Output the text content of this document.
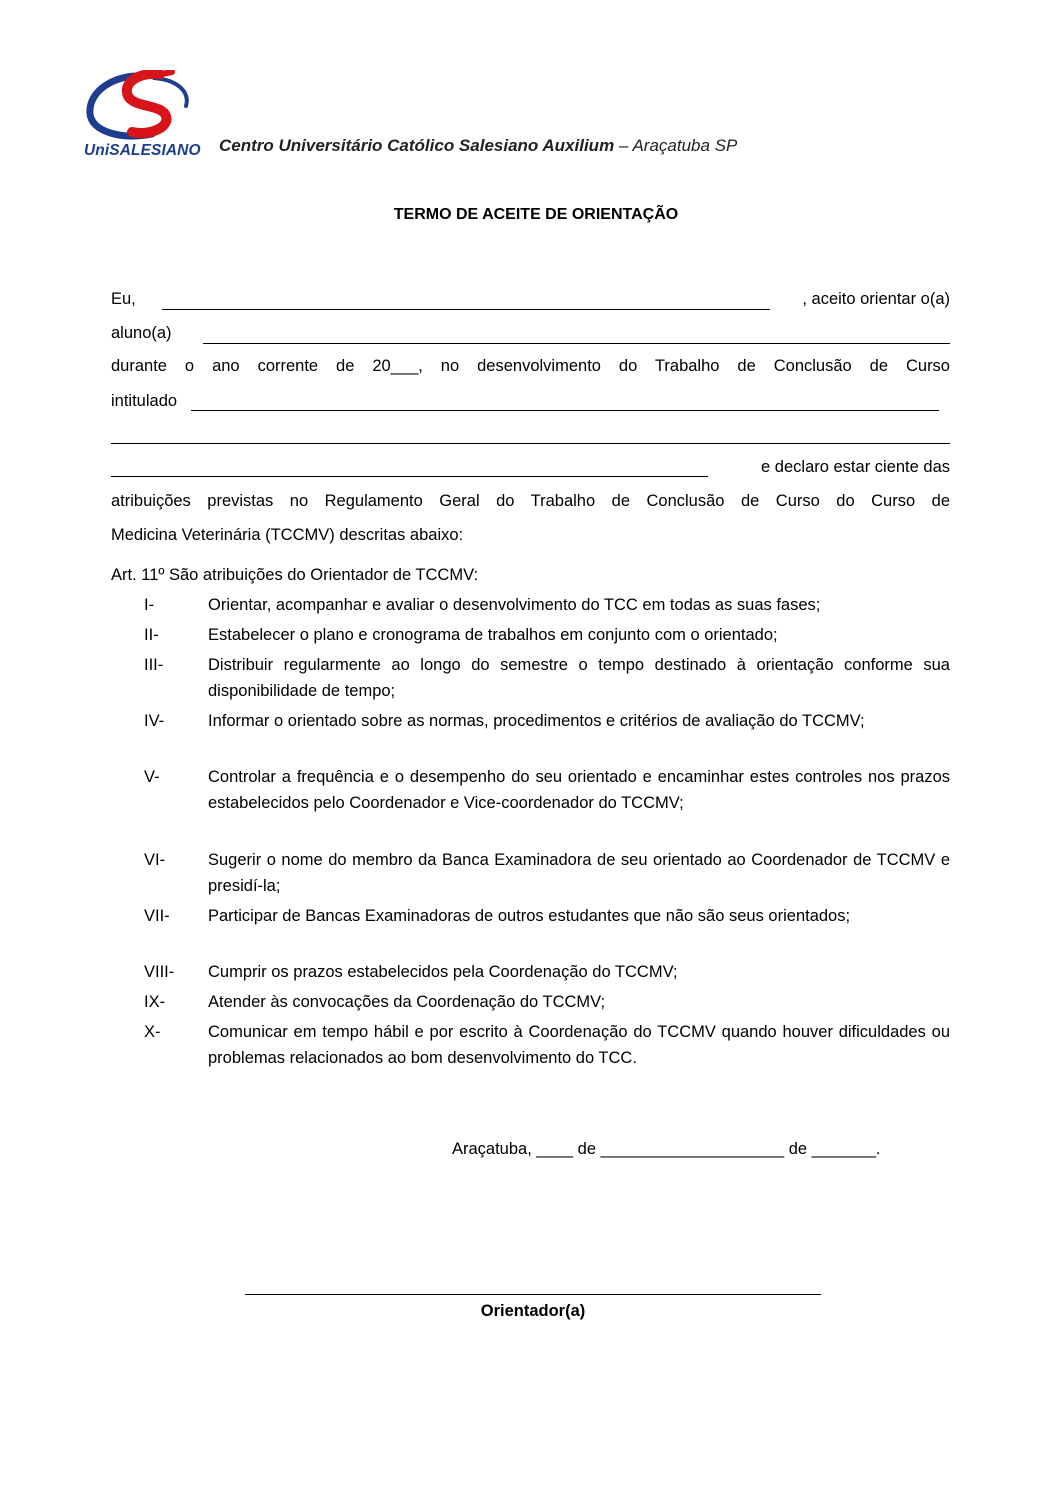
UniSALESIANO Centro Universitário Católico Salesiano Auxilium – Araçatuba SP
TERMO DE ACEITE DE ORIENTAÇÃO
Eu,	, aceito orientar o(a)
aluno(a)
durante o ano corrente de 20___, no desenvolvimento do Trabalho de Conclusão de Curso
intitulado
e declaro estar ciente das
atribuições previstas no Regulamento Geral do Trabalho de Conclusão de Curso do Curso de
Medicina Veterinária (TCCMV) descritas abaixo:
Art. 11º São atribuições do Orientador de TCCMV:
I-	Orientar, acompanhar e avaliar o desenvolvimento do TCC em todas as suas fases;
II-	Estabelecer o plano e cronograma de trabalhos em conjunto com o orientado;
III-	Distribuir regularmente ao longo do semestre o tempo destinado à orientação conforme sua disponibilidade de tempo;
IV-	Informar o orientado sobre as normas, procedimentos e critérios de avaliação do TCCMV;
V-	Controlar a frequência e o desempenho do seu orientado e encaminhar estes controles nos prazos estabelecidos pelo Coordenador e Vice-coordenador do TCCMV;
VI-	Sugerir o nome do membro da Banca Examinadora de seu orientado ao Coordenador de TCCMV e presidí-la;
VII- Participar de Bancas Examinadoras de outros estudantes que não são seus orientados;
VIII- Cumprir os prazos estabelecidos pela Coordenação do TCCMV;
IX-	Atender às convocações da Coordenação do TCCMV;
X-	Comunicar em tempo hábil e por escrito à Coordenação do TCCMV quando houver dificuldades ou problemas relacionados ao bom desenvolvimento do TCC.
Araçatuba, ____ de ____________________ de _______.
Orientador(a)
